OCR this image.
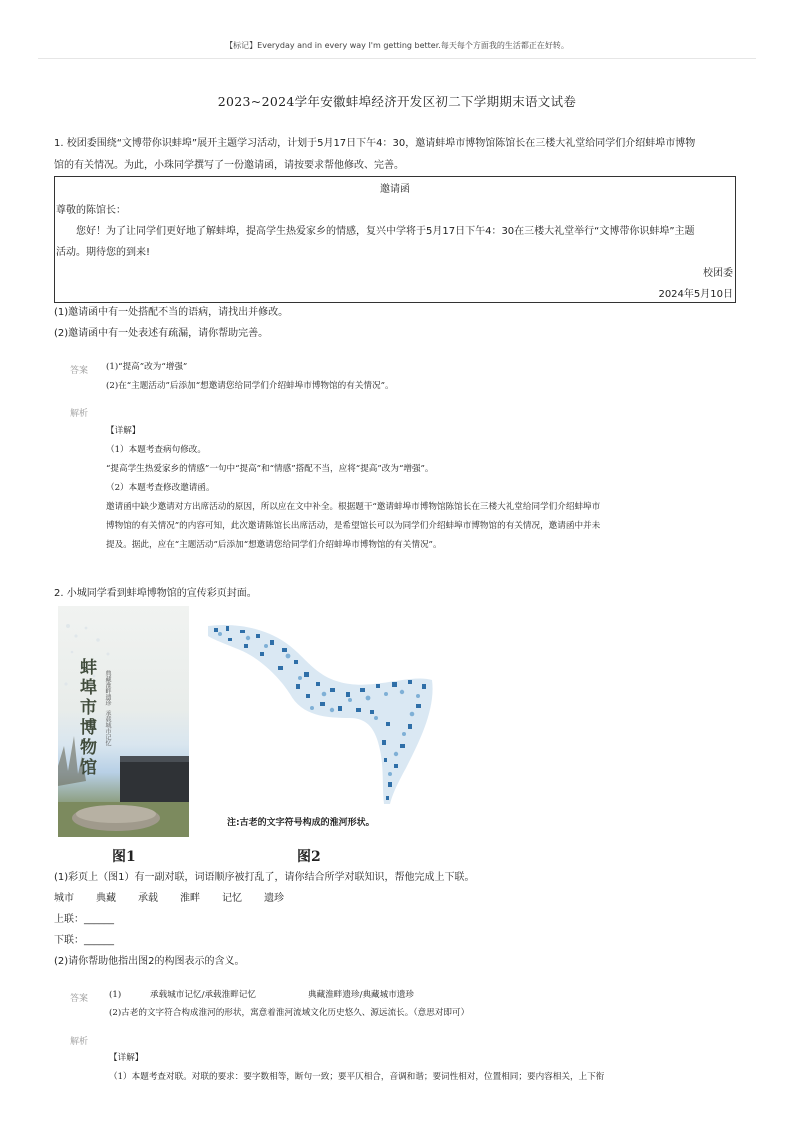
【标记】Everyday and in every way I'm getting better.每天每个方面我的生活都正在好转。
2023~2024学年安徽蚌埠经济开发区初二下学期期末语文试卷
1. 校团委围绕“文博带你识蚌埠”展开主题学习活动，计划于5月17日下午4：30，邀请蚌埠市博物馆陈馆长在三楼大礼堂给同学们介绍蚌埠市博物
馆的有关情况。为此，小珠同学撰写了一份邀请函，请按要求帮他修改、完善。
邀请函
尊敬的陈馆长：
您好！为了让同学们更好地了解蚌埠，提高学生热爱家乡的情感，复兴中学将于5月17日下午4：30在三楼大礼堂举行“文博带你识蚌埠”主题
活动。期待您的到来!
校团委
2024年5月10日
(1)邀请函中有一处搭配不当的语病，请找出并修改。
(2)邀请函中有一处表述有疏漏，请你帮助完善。
答案 (1)“提高”改为“增强”
(2)在“主题活动”后添加“想邀请您给同学们介绍蚌埠市博物馆的有关情况”。
解析
【详解】
（1）本题考查病句修改。
“提高学生热爱家乡的情感”一句中“提高”和“情感”搭配不当，应将“提高”改为“增强”。
（2）本题考查修改邀请函。
邀请函中缺少邀请对方出席活动的原因，所以应在文中补全。根据题干“邀请蚌埠市博物馆陈馆长在三楼大礼堂给同学们介绍蚌埠市
博物馆的有关情况”的内容可知，此次邀请陈馆长出席活动，是希望馆长可以为同学们介绍蚌埠市博物馆的有关情况，邀请函中并未
提及。据此，应在“主题活动”后添加“想邀请您给同学们介绍蚌埠市博物馆的有关情况”。
2. 小城同学看到蚌埠博物馆的宣传彩页封面。
蚌埠市博物馆	典藏淮畔遗珍
承载城市记忆
注:古老的文字符号构成的淮河形状。
图1	图2
(1)彩页上（图1）有一副对联，词语顺序被打乱了，请你结合所学对联知识，帮他完成上下联。
城市 典藏 承载 淮畔 记忆 遗珍
上联：______
下联：______
(2)请你帮助他指出图2的构图表示的含义。
答案 (1)	承载城市记忆/承载淮畔记忆	典藏淮畔遗珍/典藏城市遗珍
(2)古老的文字符合构成淮河的形状，寓意着淮河流域文化历史悠久、源远流长。（意思对即可）
解析
【详解】
（1）本题考查对联。对联的要求：要字数相等，断句一致；要平仄相合，音调和谐；要词性相对，位置相同；要内容相关，上下衔
